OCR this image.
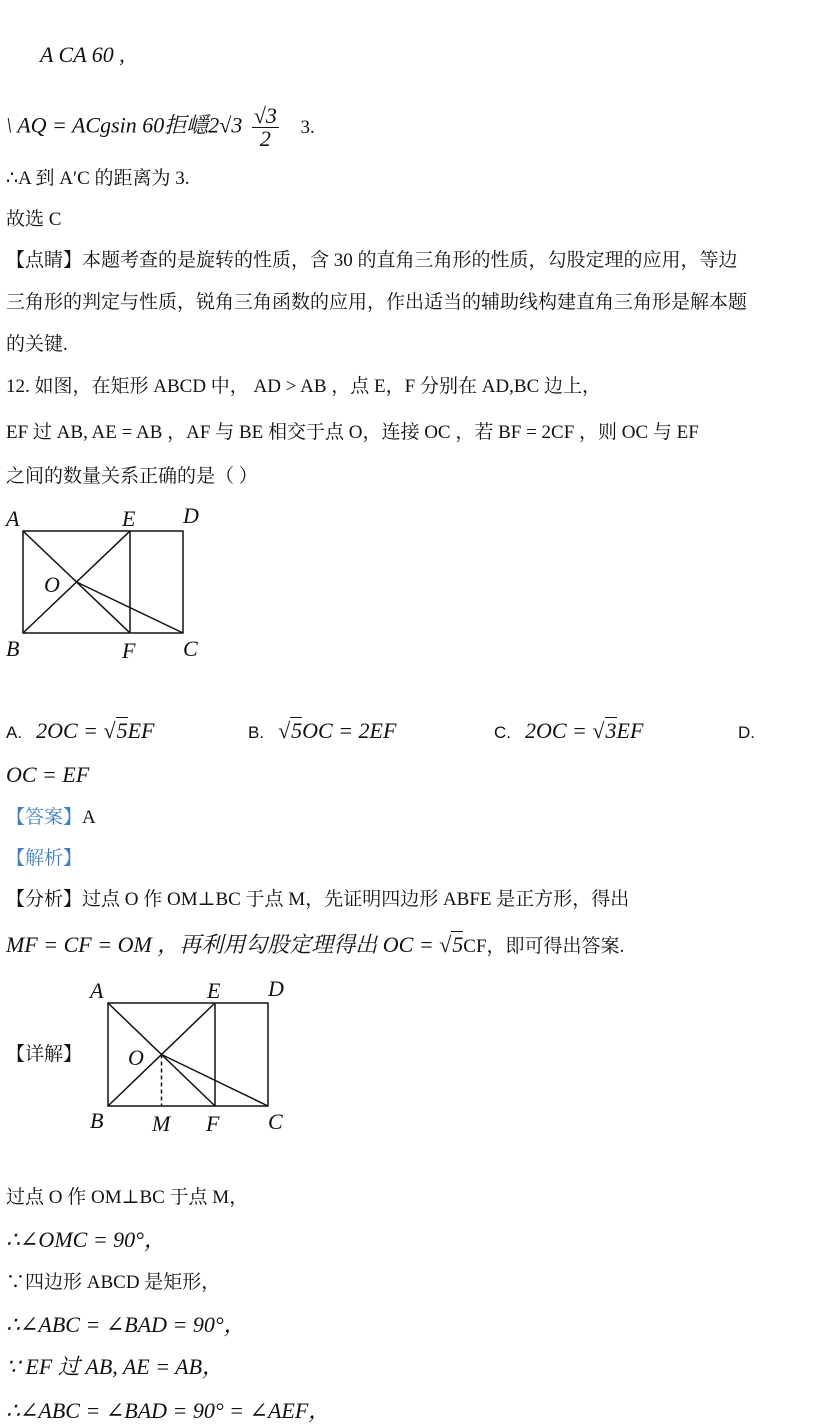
A CA 60 ,
\ AQ = ACgsin 60拒嶾$2√3 \frac{√3}{2} 3$.
∴A 到 A′C 的距离为 3.
故选 C
【点睛】本题考查的是旋转的性质，含 30 的直角三角形的性质，勾股定理的应用，等边
三角形的判定与性质，锐角三角函数的应用，作出适当的辅助线构建直角三角形是解本题
的关键.
12. 如图，在矩形 ABCD 中， AD > AB ，点 E，F 分别在 AD,BC 边上，
EF 过 AB, AE = AB ，AF 与 BE 相交于点 O，连接 OC ，若 BF = 2CF ，则 OC 与 EF
之间的数量关系正确的是（ ）
A	E D
O
B	F C
A. 2OC = √5EF	B. √5OC = 2EF	C. 2OC = √3EF	D.
OC = EF
【答案】A
【解析】
【分析】过点 O 作 OM⊥BC 于点 M，先证明四边形 ABFE 是正方形，得出
MF = CF = OM ，再利用勾股定理得出 OC = √5CF，即可得出答案.
【详解】
A	E D
O
B M F C
过点 O 作 OM⊥BC 于点 M，
∴∠OMC = 90°，
∵四边形 ABCD 是矩形，
∴∠ABC = ∠BAD = 90°，
∵ EF 过 AB, AE = AB，
∴∠ABC = ∠BAD = 90° = ∠AEF，
